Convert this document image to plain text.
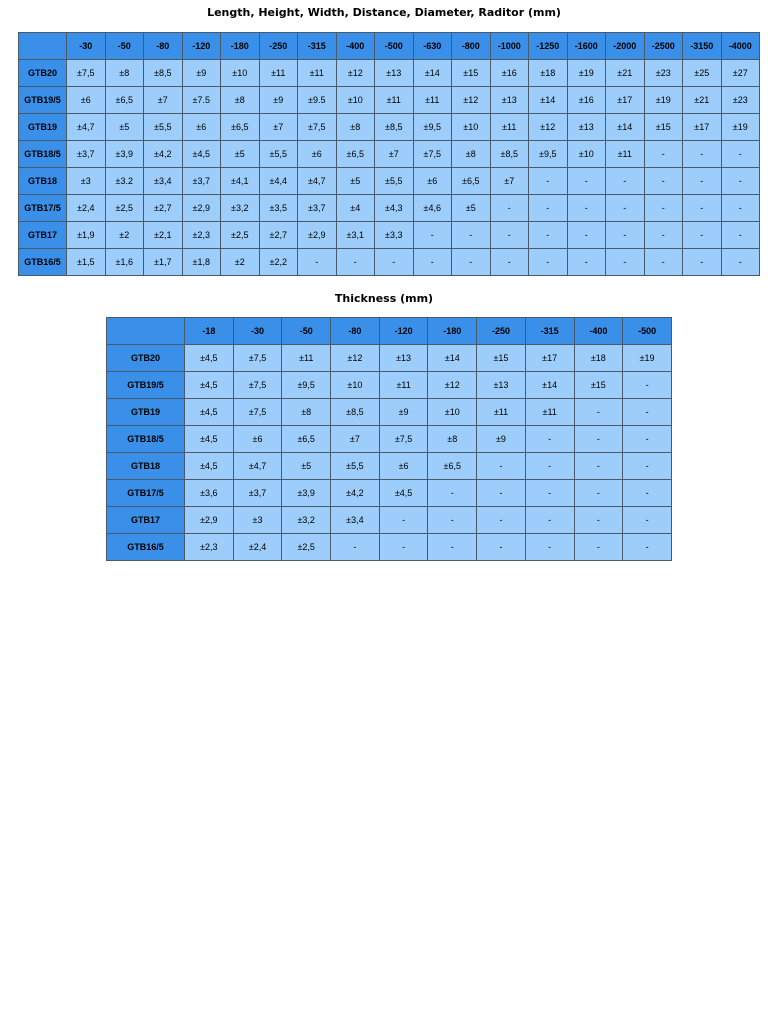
Length, Height, Width, Distance, Diameter, Raditor (mm)
	-30	-50	-80	-120	-180	-250	-315	-400	-500	-630	-800	-1000	-1250	-1600	-2000	-2500	-3150	-4000
GTB20	±7,5	±8	±8,5	±9	±10	±11	±11	±12	±13	±14	±15	±16	±18	±19	±21	±23	±25	±27
GTB19/5	±6	±6,5	±7	±7.5	±8	±9	±9.5	±10	±11	±11	±12	±13	±14	±16	±17	±19	±21	±23
GTB19	±4,7	±5	±5,5	±6	±6,5	±7	±7,5	±8	±8,5	±9,5	±10	±11	±12	±13	±14	±15	±17	±19
GTB18/5	±3,7	±3,9	±4,2	±4,5	±5	±5,5	±6	±6,5	±7	±7,5	±8	±8,5	±9,5	±10	±11	-	-	-
GTB18	±3	±3.2	±3,4	±3,7	±4,1	±4,4	±4,7	±5	±5,5	±6	±6,5	±7	-	-	-	-	-	-
GTB17/5	±2,4	±2,5	±2,7	±2,9	±3,2	±3,5	±3,7	±4	±4,3	±4,6	±5	-	-	-	-	-	-	-
GTB17	±1,9	±2	±2,1	±2,3	±2,5	±2,7	±2,9	±3,1	±3,3	-	-	-	-	-	-	-	-	-
GTB16/5	±1,5	±1,6	±1,7	±1,8	±2	±2,2	-	-	-	-	-	-	-	-	-	-	-	-
Thickness (mm)
	-18	-30	-50	-80	-120	-180	-250	-315	-400	-500
GTB20	±4,5	±7,5	±11	±12	±13	±14	±15	±17	±18	±19
GTB19/5	±4,5	±7,5	±9,5	±10	±11	±12	±13	±14	±15	-
GTB19	±4,5	±7,5	±8	±8,5	±9	±10	±11	±11	-	-
GTB18/5	±4,5	±6	±6,5	±7	±7,5	±8	±9	-	-	-
GTB18	±4,5	±4,7	±5	±5,5	±6	±6,5	-	-	-	-
GTB17/5	±3,6	±3,7	±3,9	±4,2	±4,5	-	-	-	-	-
GTB17	±2,9	±3	±3,2	±3,4	-	-	-	-	-	-
GTB16/5	±2,3	±2,4	±2,5	-	-	-	-	-	-	-
